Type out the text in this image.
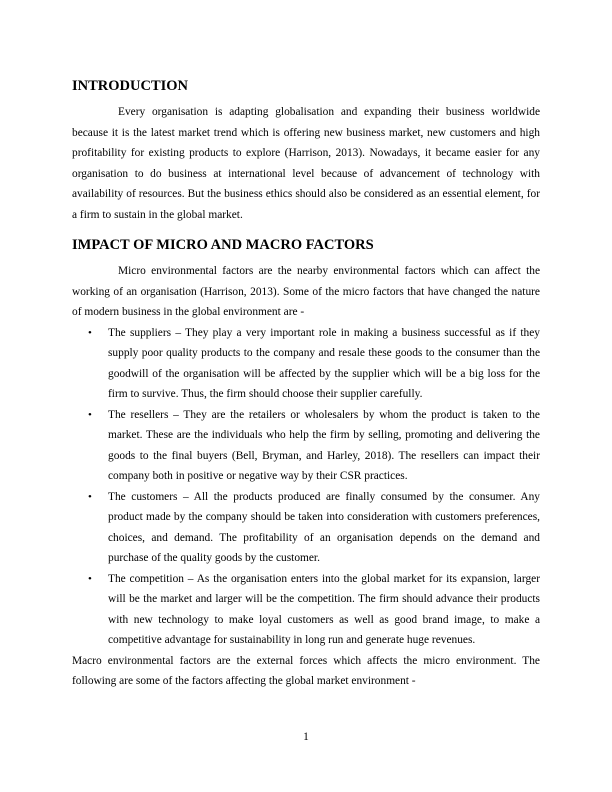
INTRODUCTION

Every organisation is adapting globalisation and expanding their business worldwide because it is the latest market trend which is offering new business market, new customers and high profitability for existing products to explore (Harrison, 2013). Nowadays, it became easier for any organisation to do business at international level because of advancement of technology with availability of resources. But the business ethics should also be considered as an essential element, for a firm to sustain in the global market.

IMPACT OF MICRO AND MACRO FACTORS

Micro environmental factors are the nearby environmental factors which can affect the working of an organisation (Harrison, 2013). Some of the micro factors that have changed the nature of modern business in the global environment are -

• The suppliers – They play a very important role in making a business successful as if they supply poor quality products to the company and resale these goods to the consumer than the goodwill of the organisation will be affected by the supplier which will be a big loss for the firm to survive. Thus, the firm should choose their supplier carefully.
• The resellers – They are the retailers or wholesalers by whom the product is taken to the market. These are the individuals who help the firm by selling, promoting and delivering the goods to the final buyers (Bell, Bryman, and Harley, 2018). The resellers can impact their company both in positive or negative way by their CSR practices.
• The customers – All the products produced are finally consumed by the consumer. Any product made by the company should be taken into consideration with customers preferences, choices, and demand. The profitability of an organisation depends on the demand and purchase of the quality goods by the customer.
• The competition – As the organisation enters into the global market for its expansion, larger will be the market and larger will be the competition. The firm should advance their products with new technology to make loyal customers as well as good brand image, to make a competitive advantage for sustainability in long run and generate huge revenues.

Macro environmental factors are the external forces which affects the micro environment. The following are some of the factors affecting the global market environment -

1
